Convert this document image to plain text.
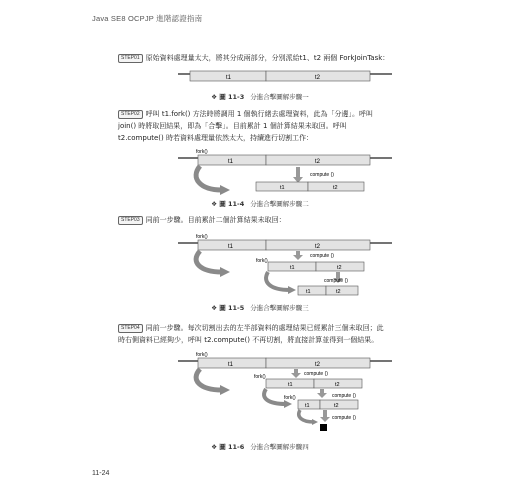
Java SE8 OCPJP 進階認證指南
STEP01 原始資料處理量太大，將其分成兩部分，分別派給t1、t2 兩個 ForkJoinTask：
STEP02 呼叫 t1.fork() 方法時將調用 1 個執行緒去處理資料，此為「分邊」。呼叫 join() 時將取回結果，即為「合擊」。目前累計 1 個計算結果未取回。呼叫 t2.compute() 時若資料處理量依然太大，持續進行切割工作：
STEP03 同前一步驟。目前累計二個計算結果未取回：
STEP04 同前一步驟。每次切割出去的左半部資料的處理結果已經累計三個未取回；此時右側資料已經夠少，呼叫 t2.compute() 不再切割，將直接計算並得到一個結果。
❖ 圖 11-3 分進合擊圖解步驟一
❖ 圖 11-4 分進合擊圖解步驟二
❖ 圖 11-5 分進合擊圖解步驟三
❖ 圖 11-6 分進合擊圖解步驟四
t1	t2
t1	t2
fork()
compute ()
t1	t2
t1	t2
fork()
compute ()
t1	t2
fork()
compute ()
t1	t2
t1	t2
fork()
compute ()
t1	t2
fork()
compute ()
t1	t2
fork()
compute ()
11-24
